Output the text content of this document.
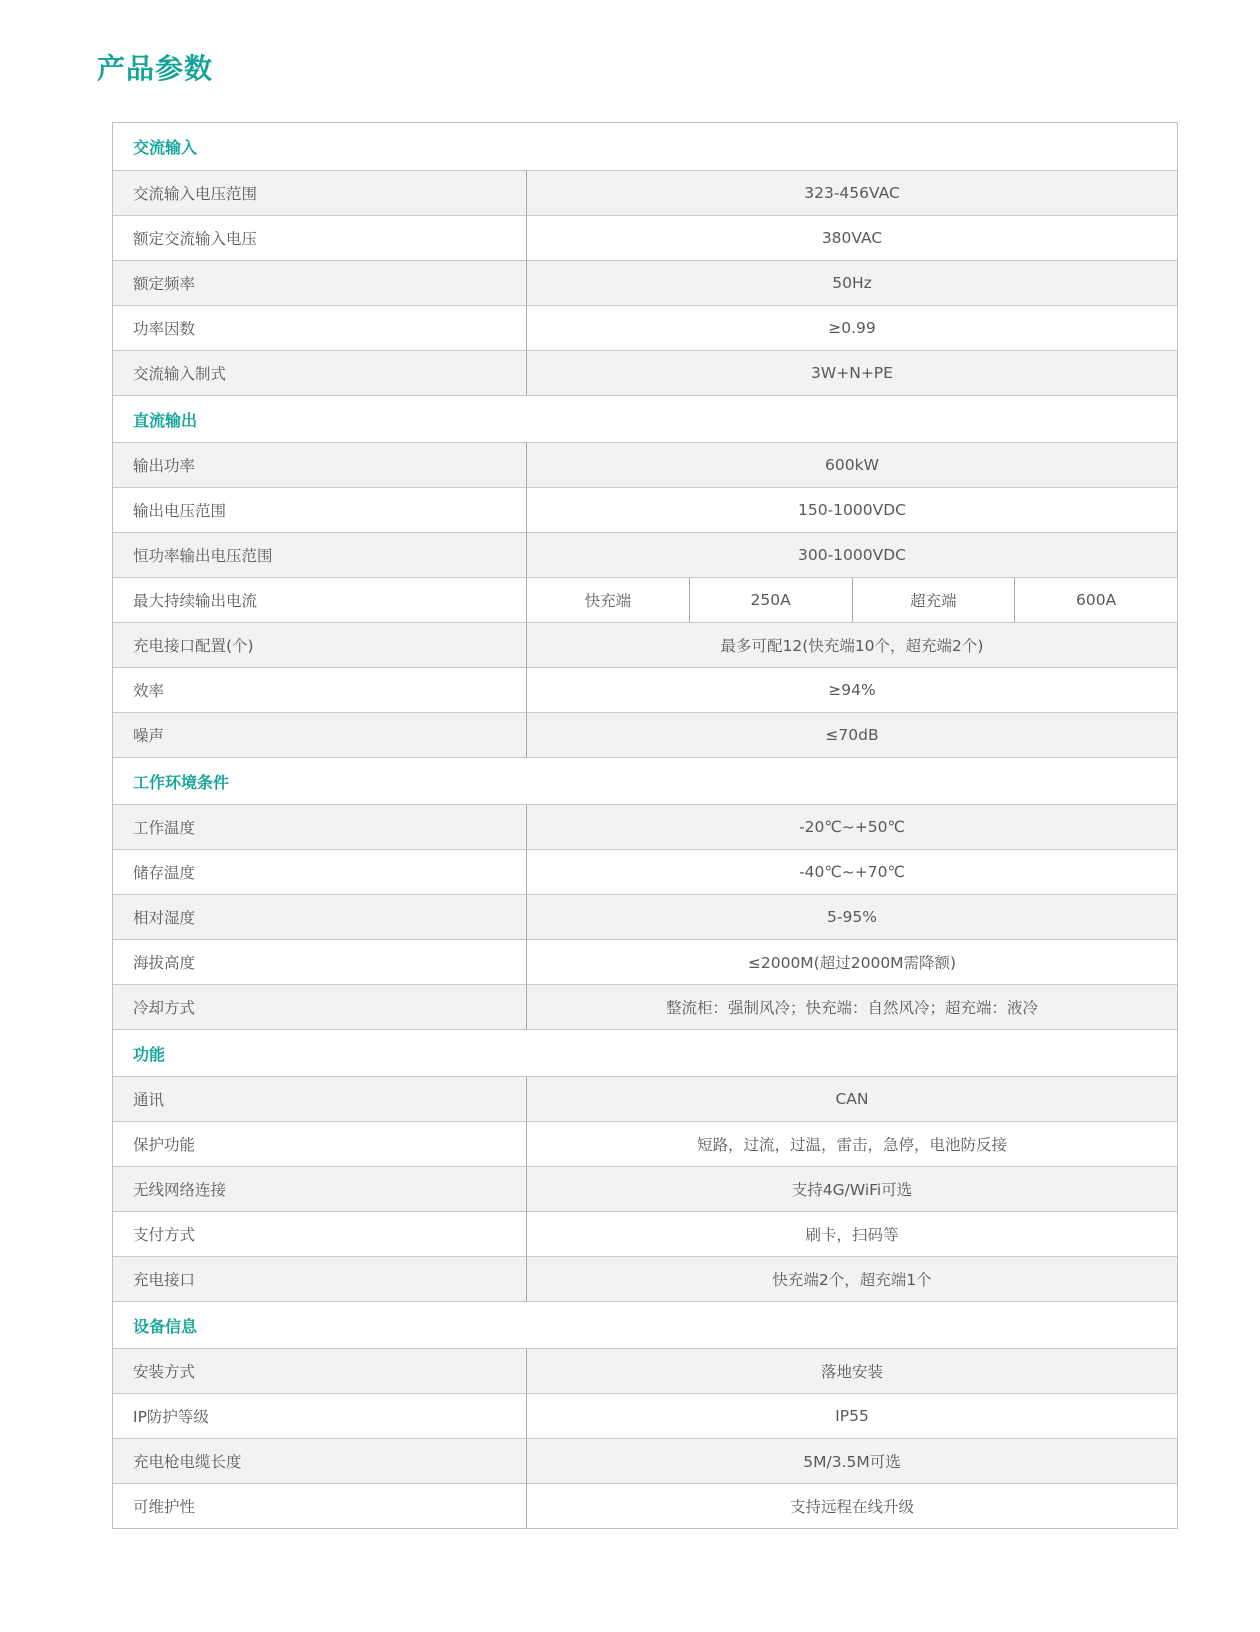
产品参数
交流输入
交流输入电压范围	323-456VAC
额定交流输入电压	380VAC
额定频率	50Hz
功率因数	≥0.99
交流输入制式	3W+N+PE
直流输出
输出功率	600kW
输出电压范围	150-1000VDC
恒功率输出电压范围	300-1000VDC
最大持续输出电流	快充端	250A	超充端	600A
充电接口配置(个)	最多可配12(快充端10个，超充端2个)
效率	≥94%
噪声	≤70dB
工作环境条件
工作温度	-20℃~+50℃
储存温度	-40℃~+70℃
相对湿度	5-95%
海拔高度	≤2000M(超过2000M需降额)
冷却方式	整流柜：强制风冷；快充端：自然风冷；超充端：液冷
功能
通讯	CAN
保护功能	短路，过流，过温，雷击，急停，电池防反接
无线网络连接	支持4G/WiFi可选
支付方式	刷卡，扫码等
充电接口	快充端2个，超充端1个
设备信息
安装方式	落地安装
IP防护等级	IP55
充电枪电缆长度	5M/3.5M可选
可维护性	支持远程在线升级
